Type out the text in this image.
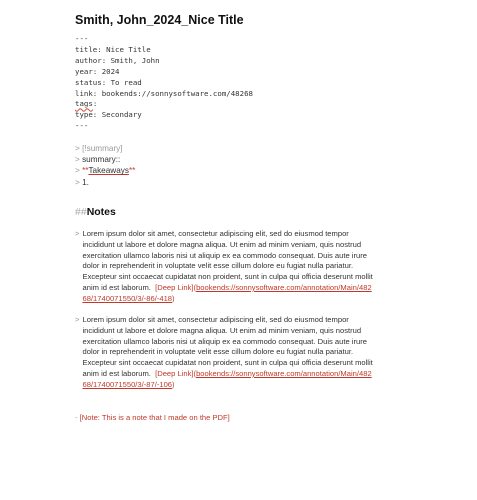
Smith, John_2024_Nice Title
---
title: Nice Title
author: Smith, John
year: 2024
status: To read
link: bookends://sonnysoftware.com/48268
tags:
type: Secondary
---
> [!summary]
> summary::
> **Takeaways**
> 1.
##Notes
> Lorem ipsum dolor sit amet, consectetur adipiscing elit, sed do eiusmod tempor incididunt ut labore et dolore magna aliqua. Ut enim ad minim veniam, quis nostrud exercitation ullamco laboris nisi ut aliquip ex ea commodo consequat. Duis aute irure dolor in reprehenderit in voluptate velit esse cillum dolore eu fugiat nulla pariatur. Excepteur sint occaecat cupidatat non proident, sunt in culpa qui officia deserunt mollit anim id est laborum. [Deep Link](bookends://sonnysoftware.com/annotation/Main/48268/1740071550/3/-86/-418)
> Lorem ipsum dolor sit amet, consectetur adipiscing elit, sed do eiusmod tempor incididunt ut labore et dolore magna aliqua. Ut enim ad minim veniam, quis nostrud exercitation ullamco laboris nisi ut aliquip ex ea commodo consequat. Duis aute irure dolor in reprehenderit in voluptate velit esse cillum dolore eu fugiat nulla pariatur. Excepteur sint occaecat cupidatat non proident, sunt in culpa qui officia deserunt mollit anim id est laborum. [Deep Link](bookends://sonnysoftware.com/annotation/Main/48268/1740071550/3/-87/-106)
- [Note: This is a note that I made on the PDF]
